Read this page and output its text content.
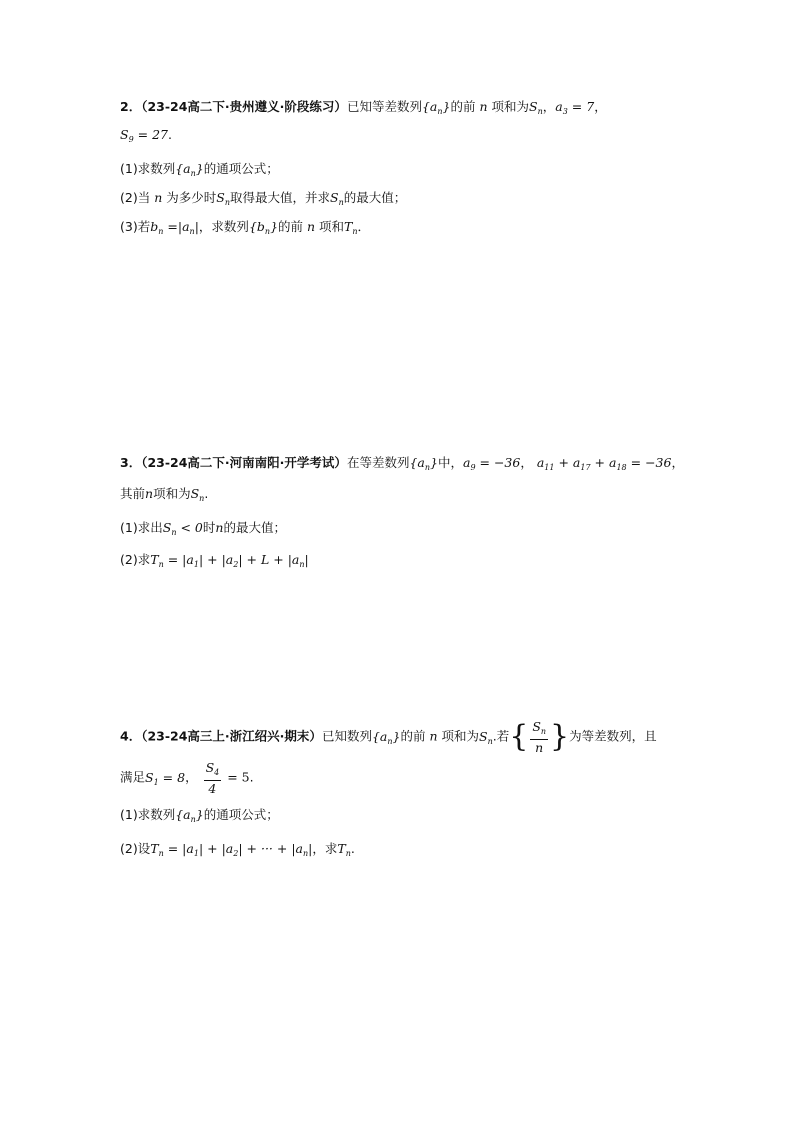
2．（23-24高二下·贵州遵义·阶段练习）已知等差数列$\{a_n\}$的前 n 项和为$S_n$，$a_3 = 7$，
$S_9 = 27$.
(1)求数列$\{a_n\}$的通项公式；
(2)当 n 为多少时$S_n$取得最大值，并求$S_n$的最大值；
(3)若$b_n =|a_n|$，求数列$\{b_n\}$的前 n 项和$T_n$．
3．（23-24高二下·河南南阳·开学考试）在等差数列$\{a_n\}$中，$a_9 = -36$， $a_{11} + a_{17} + a_{18} = -36$，
其前n项和为$S_n$.
(1)求出$S_n < 0$时n的最大值；
(2)求$T_n = |a_1| + |a_2| + L + |a_n|$
4．（23-24高三上·浙江绍兴·期末）已知数列$\{a_n\}$的前 n 项和为$S_n$.若{ $\frac{S_n}{n}$ }为等差数列，且
满足$S_1 = 8$， $\frac{S_4}{4} = 5$.
(1)求数列$\{a_n\}$的通项公式；
(2)设$T_n = |a_1| + |a_2|$ + ··· + $|a_n|$，求$T_n$.
